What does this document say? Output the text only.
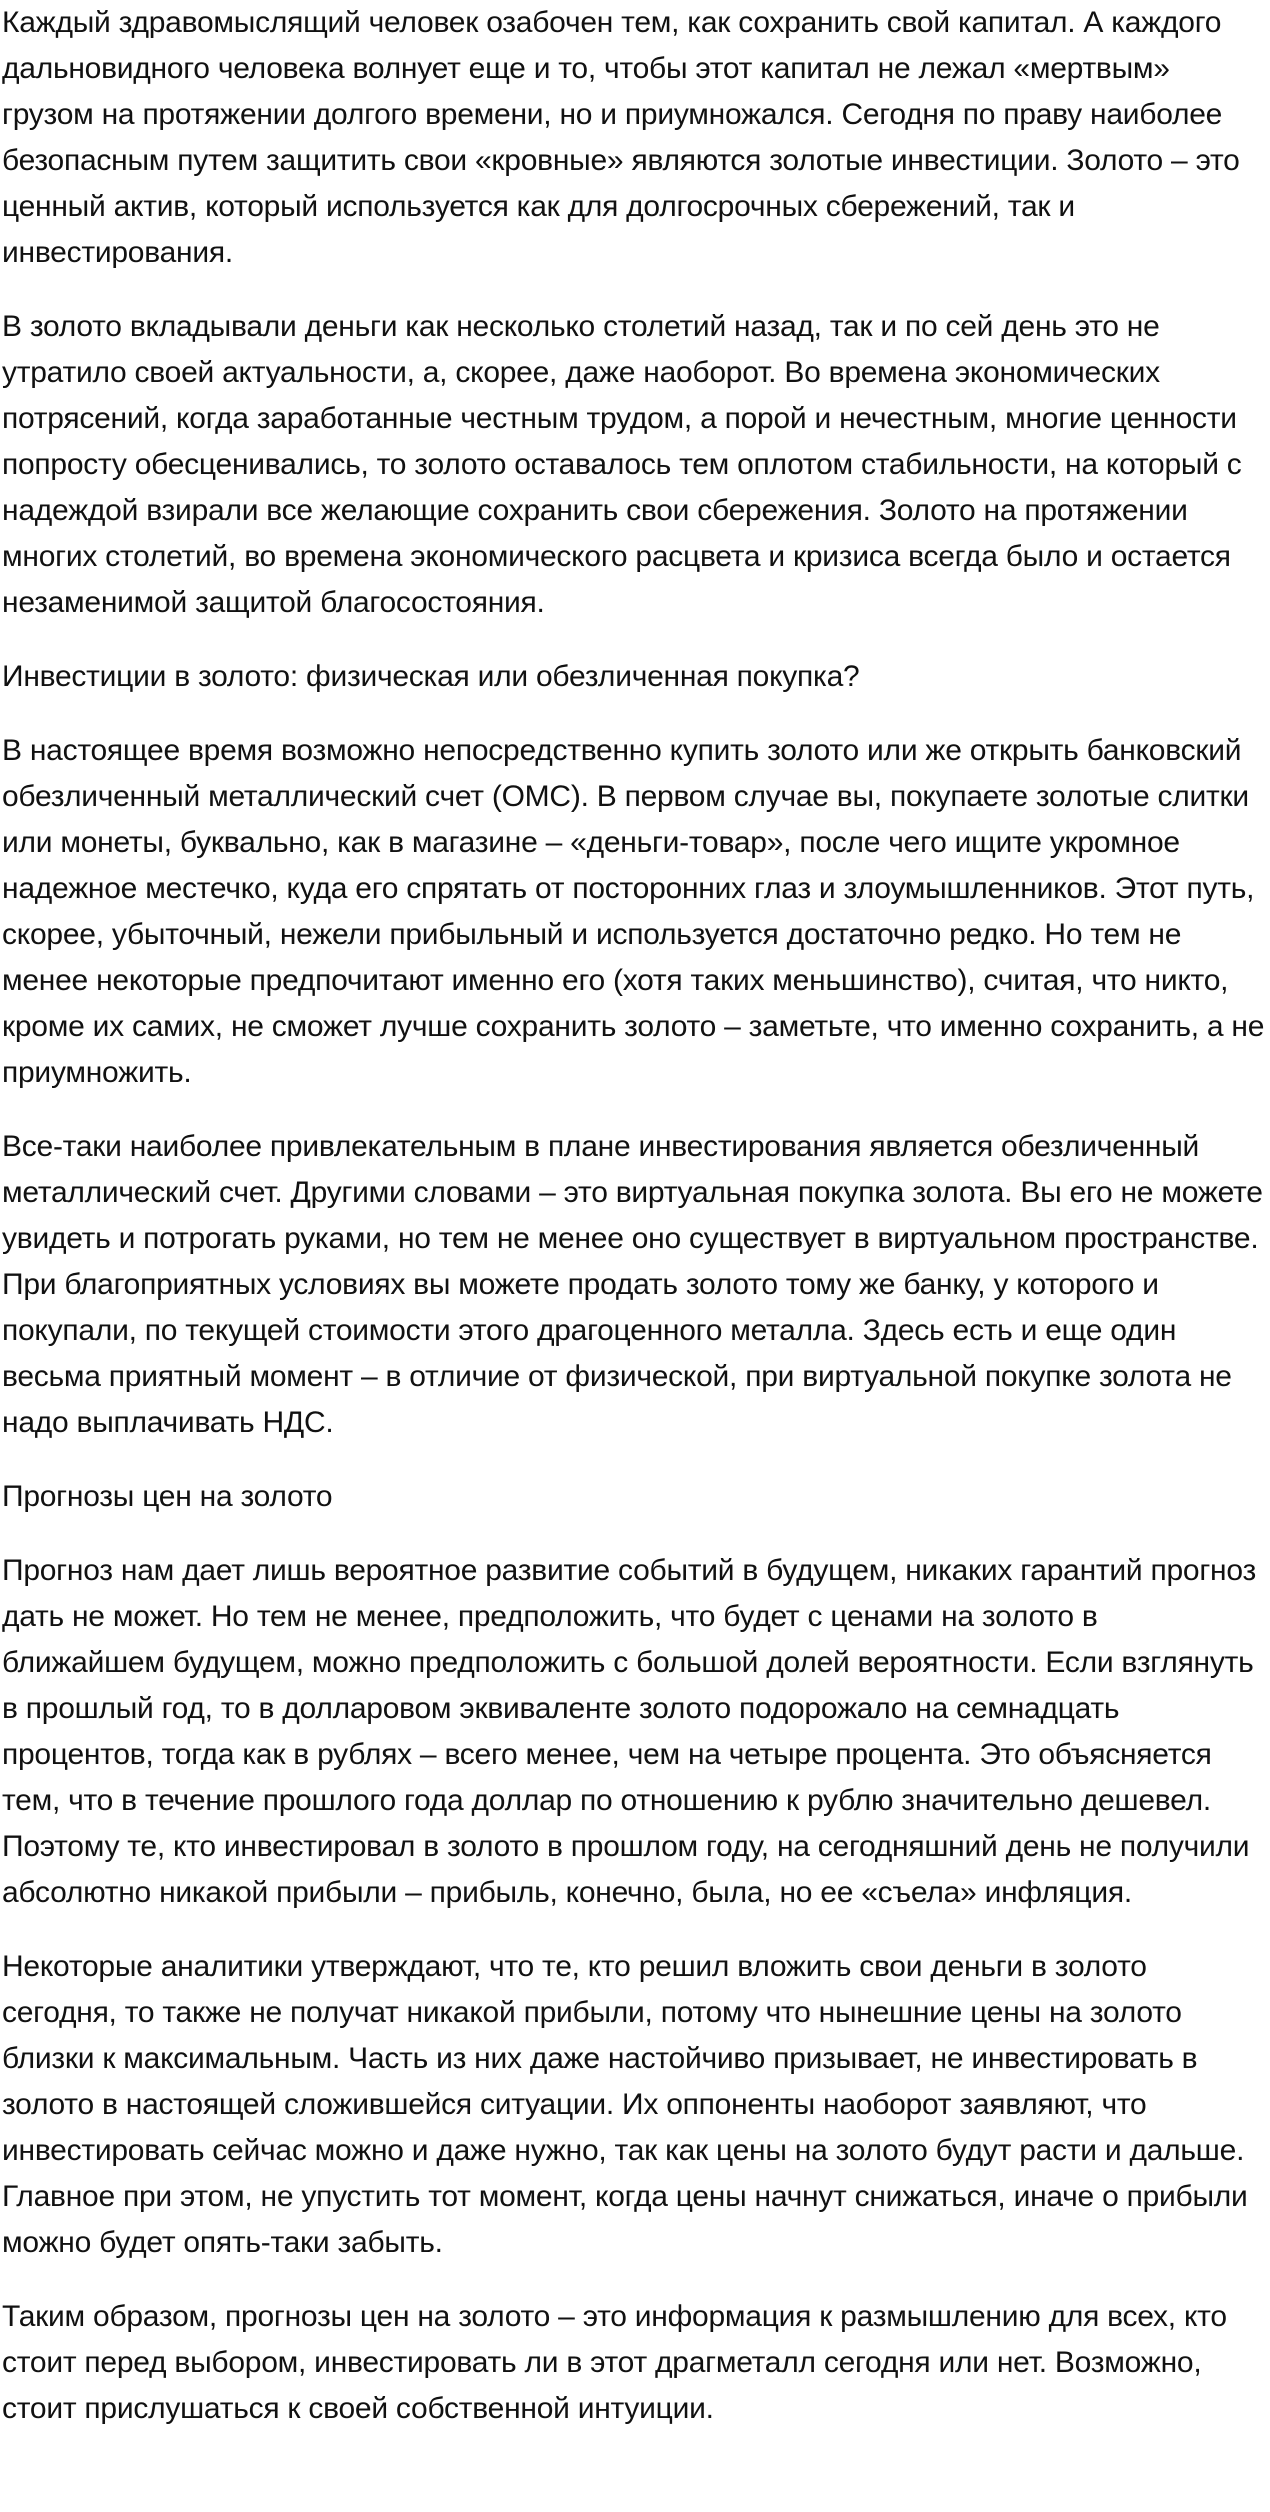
Каждый здравомыслящий человек озабочен тем, как сохранить свой капитал. А каждого дальновидного человека волнует еще и то, чтобы этот капитал не лежал «мертвым» грузом на протяжении долгого времени, но и приумножался. Сегодня по праву наиболее безопасным путем защитить свои «кровные» являются золотые инвестиции. Золото – это ценный актив, который используется как для долгосрочных сбережений, так и инвестирования.

В золото вкладывали деньги как несколько столетий назад, так и по сей день это не утратило своей актуальности, а, скорее, даже наоборот. Во времена экономических потрясений, когда заработанные честным трудом, а порой и нечестным, многие ценности попросту обесценивались, то золото оставалось тем оплотом стабильности, на который с надеждой взирали все желающие сохранить свои сбережения. Золото на протяжении многих столетий, во времена экономического расцвета и кризиса всегда было и остается незаменимой защитой благосостояния.

Инвестиции в золото: физическая или обезличенная покупка?

В настоящее время возможно непосредственно купить золото или же открыть банковский обезличенный металлический счет (ОМС). В первом случае вы, покупаете золотые слитки или монеты, буквально, как в магазине – «деньги-товар», после чего ищите укромное надежное местечко, куда его спрятать от посторонних глаз и злоумышленников. Этот путь, скорее, убыточный, нежели прибыльный и используется достаточно редко. Но тем не менее некоторые предпочитают именно его (хотя таких меньшинство), считая, что никто, кроме их самих, не сможет лучше сохранить золото – заметьте, что именно сохранить, а не приумножить.

Все-таки наиболее привлекательным в плане инвестирования является обезличенный металлический счет. Другими словами – это виртуальная покупка золота. Вы его не можете увидеть и потрогать руками, но тем не менее оно существует в виртуальном пространстве. При благоприятных условиях вы можете продать золото тому же банку, у которого и покупали, по текущей стоимости этого драгоценного металла. Здесь есть и еще один весьма приятный момент – в отличие от физической, при виртуальной покупке золота не надо выплачивать НДС.

Прогнозы цен на золото

Прогноз нам дает лишь вероятное развитие событий в будущем, никаких гарантий прогноз дать не может. Но тем не менее, предположить, что будет с ценами на золото в ближайшем будущем, можно предположить с большой долей вероятности. Если взглянуть в прошлый год, то в долларовом эквиваленте золото подорожало на семнадцать процентов, тогда как в рублях – всего менее, чем на четыре процента. Это объясняется тем, что в течение прошлого года доллар по отношению к рублю значительно дешевел. Поэтому те, кто инвестировал в золото в прошлом году, на сегодняшний день не получили абсолютно никакой прибыли – прибыль, конечно, была, но ее «съела» инфляция.

Некоторые аналитики утверждают, что те, кто решил вложить свои деньги в золото сегодня, то также не получат никакой прибыли, потому что нынешние цены на золото близки к максимальным. Часть из них даже настойчиво призывает, не инвестировать в золото в настоящей сложившейся ситуации. Их оппоненты наоборот заявляют, что инвестировать сейчас можно и даже нужно, так как цены на золото будут расти и дальше. Главное при этом, не упустить тот момент, когда цены начнут снижаться, иначе о прибыли можно будет опять-таки забыть.

Таким образом, прогнозы цен на золото – это информация к размышлению для всех, кто стоит перед выбором, инвестировать ли в этот драгметалл сегодня или нет. Возможно, стоит прислушаться к своей собственной интуиции.
